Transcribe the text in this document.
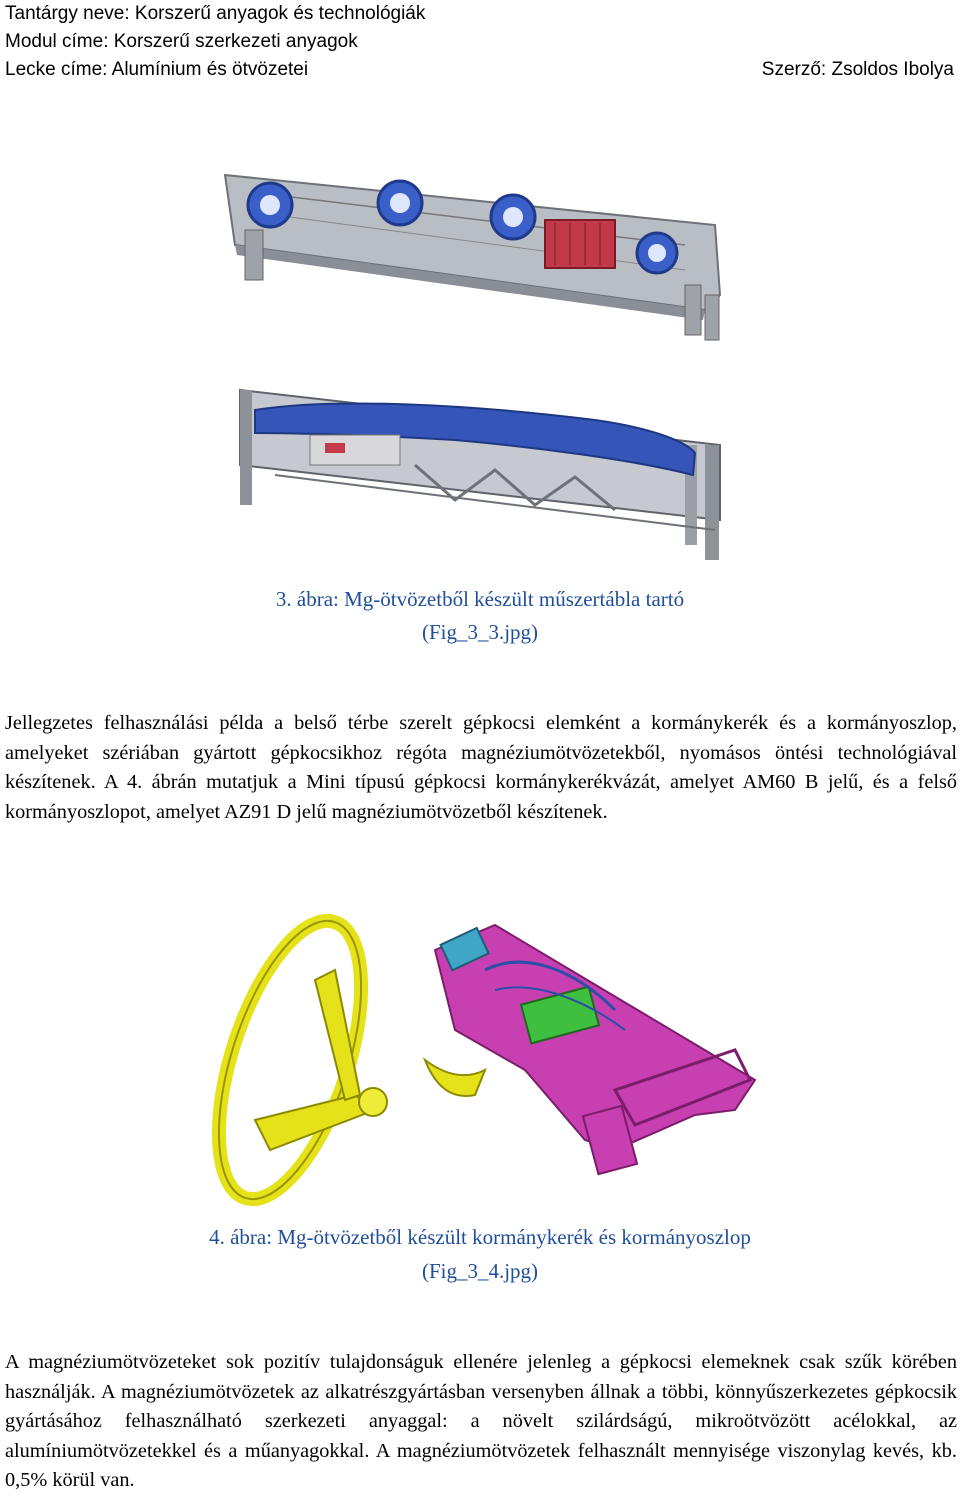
Tantárgy neve: Korszerű anyagok és technológiák
Modul címe: Korszerű szerkezeti anyagok
Lecke címe: Alumínium és ötvözetei	Szerző: Zsoldos Ibolya
3. ábra: Mg-ötvözetből készült műszertábla tartó
(Fig_3_3.jpg)

Jellegzetes felhasználási példa a belső térbe szerelt gépkocsi elemként a kormánykerék és a kormányoszlop, amelyeket szériában gyártott gépkocsikhoz régóta magnéziumötvözetekből, nyomásos öntési technológiával készítenek. A 4. ábrán mutatjuk a Mini típusú gépkocsi kormánykerékvázát, amelyet AM60 B jelű, és a felső kormányoszlopot, amelyet AZ91 D jelű magnéziumötvözetből készítenek.

4. ábra: Mg-ötvözetből készült kormánykerék és kormányoszlop
(Fig_3_4.jpg)

A magnéziumötvözeteket sok pozitív tulajdonságuk ellenére jelenleg a gépkocsi elemeknek csak szűk körében használják. A magnéziumötvözetek az alkatrészgyártásban versenyben állnak a többi, könnyűszerkezetes gépkocsik gyártásához felhasználható szerkezeti anyaggal: a növelt szilárdságú, mikroötvözött acélokkal, az alumíniumötvözetekkel és a műanyagokkal. A magnéziumötvözetek felhasznált mennyisége viszonylag kevés, kb. 0,5% körül van.
